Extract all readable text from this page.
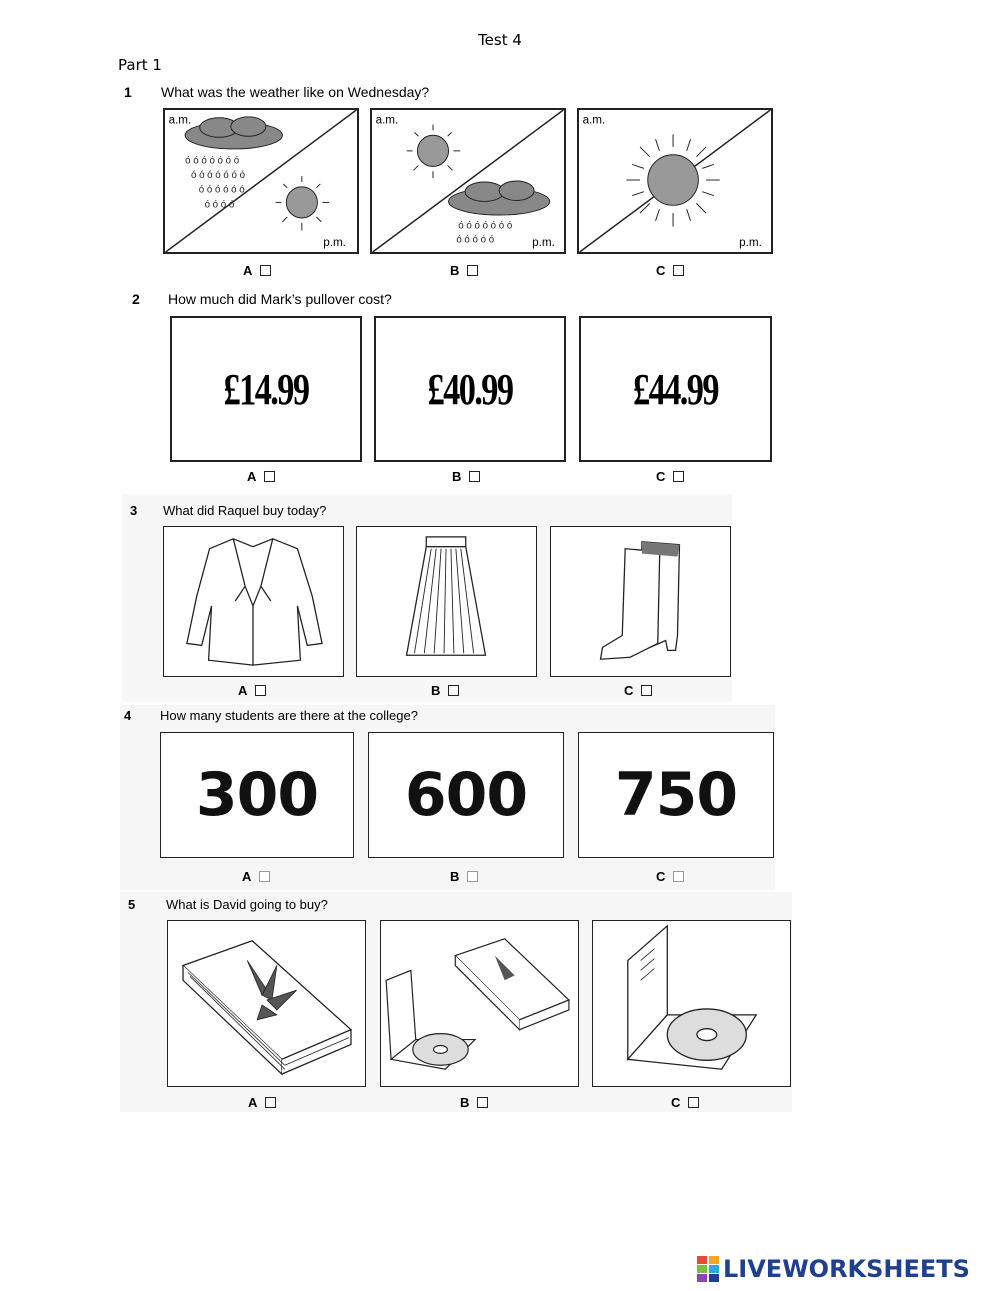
Test 4
Part 1
1 What was the weather like on Wednesday?
a.m.
p.m.
ó ó ó ó ó ó ó
ó ó ó ó ó ó ó
ó ó ó ó ó ó
ó ó ó ó
A
a.m.
p.m.
ó ó ó ó ó ó ó
ó ó ó ó ó
B
a.m.
p.m.
C
2 How much did Mark’s pullover cost?
£14.99
A
£40.99
B
£44.99
C
3 What did Raquel buy today?
A	B	C
4 How many students are there at the college?
300
A
600
B
750
C
5 What is David going to buy?
A	B	C
LIVEWORKSHEETS
